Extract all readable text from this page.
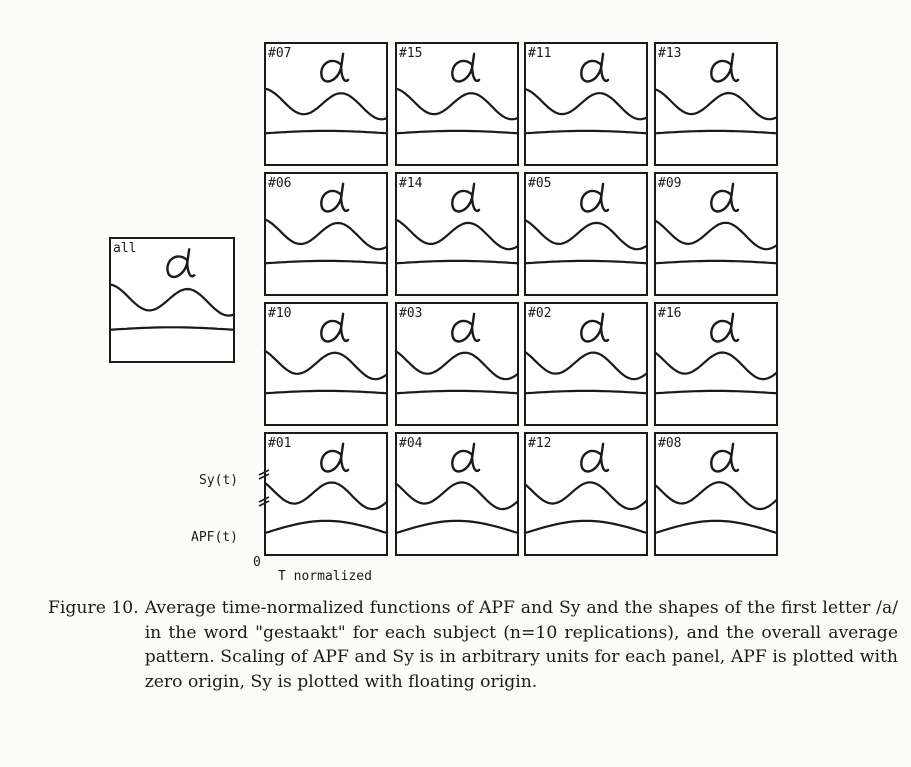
#07	#15	#11	#13
#06	#14	#05	#09
#10	#03	#02	#16
#01	#04	#12	#08
all
Sy(t)
APF(t)
0
T normalized
Figure 10. Average time-normalized functions of APF and Sy and the shapes of the first letter /a/ in the word "gestaakt" for each subject (n=10 replications), and the overall average pattern. Scaling of APF and Sy is in arbitrary units for each panel, APF is plotted with zero origin, Sy is plotted with floating origin.
